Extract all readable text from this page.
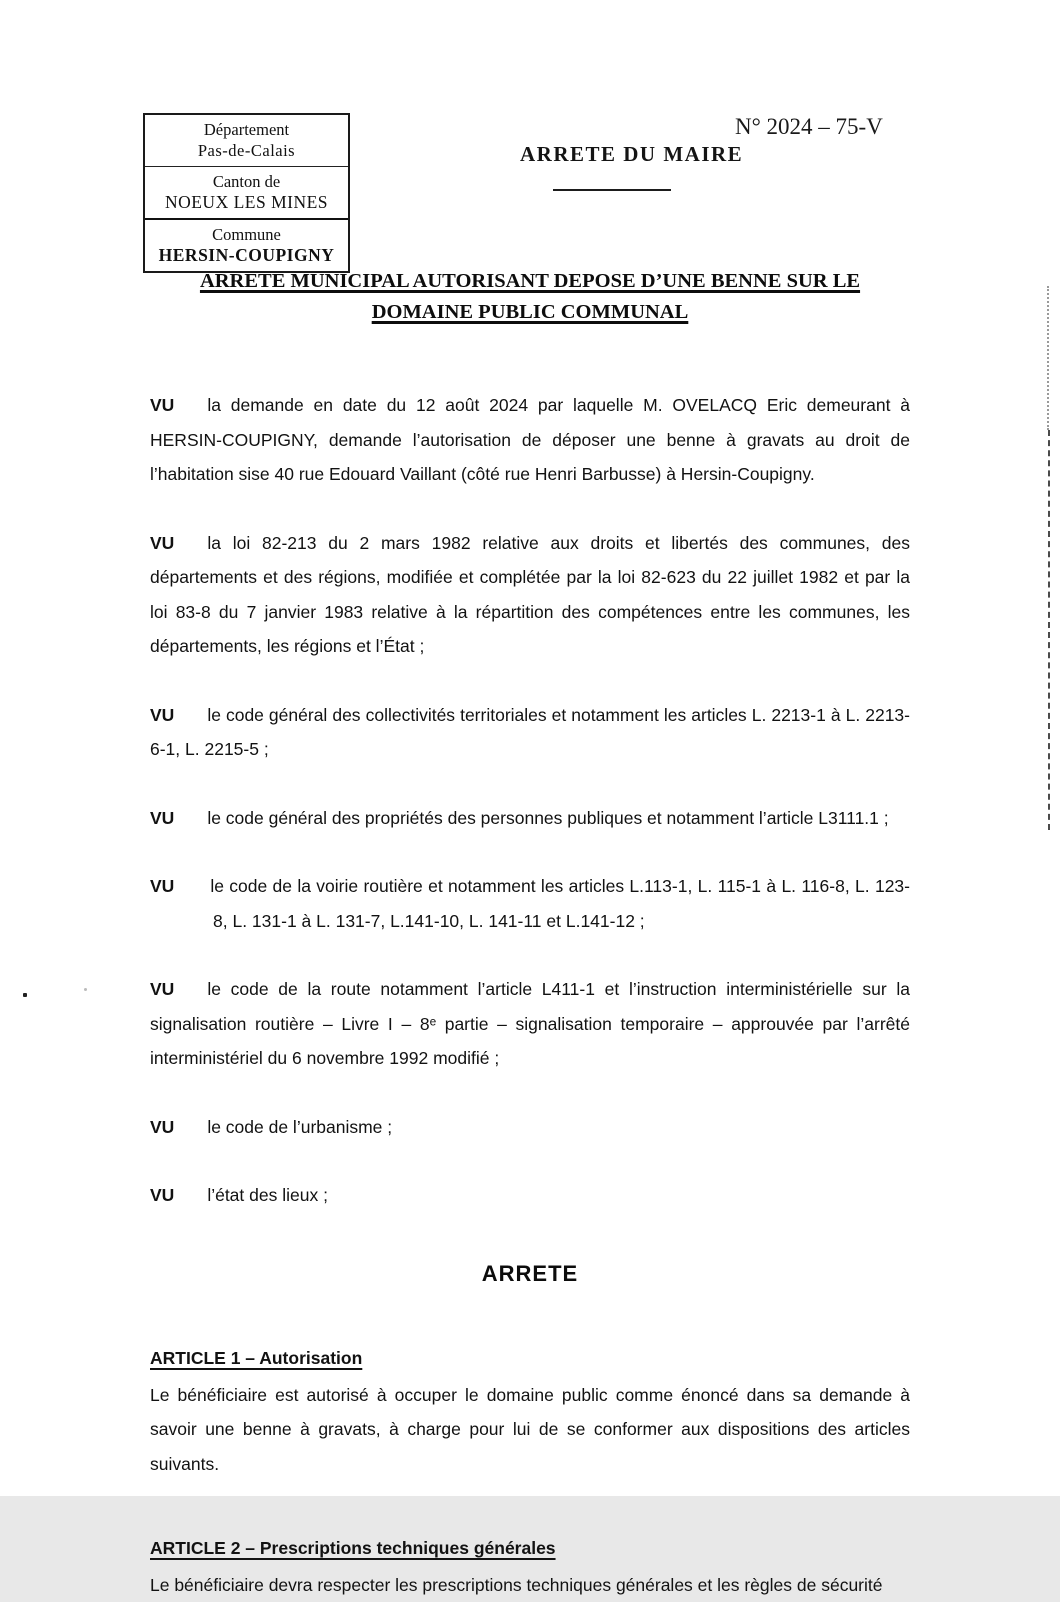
Département
Pas-de-Calais
Canton de
NOEUX LES MINES
Commune
HERSIN-COUPIGNY
N° 2024 – 75-V
ARRETE DU MAIRE
ARRETE MUNICIPAL AUTORISANT DEPOSE D’UNE BENNE SUR LE
DOMAINE PUBLIC COMMUNAL

VU la demande en date du 12 août 2024 par laquelle M. OVELACQ Eric demeurant à HERSIN-COUPIGNY, demande l’autorisation de déposer une benne à gravats au droit de l’habitation sise 40 rue Edouard Vaillant (côté rue Henri Barbusse) à Hersin-Coupigny.

VU la loi 82-213 du 2 mars 1982 relative aux droits et libertés des communes, des départements et des régions, modifiée et complétée par la loi 82-623 du 22 juillet 1982 et par la loi 83-8 du 7 janvier 1983 relative à la répartition des compétences entre les communes, les départements, les régions et l’État ;

VU le code général des collectivités territoriales et notamment les articles L. 2213-1 à L. 2213-6-1, L. 2215-5 ;

VU le code général des propriétés des personnes publiques et notamment l’article L3111.1 ;

VU le code de la voirie routière et notamment les articles L.113-1, L. 115-1 à L. 116-8, L. 123-8, L. 131-1 à L. 131-7, L.141-10, L. 141-11 et L.141-12 ;

VU le code de la route notamment l’article L411-1 et l’instruction interministérielle sur la signalisation routière – Livre I – 8ᵉ partie – signalisation temporaire – approuvée par l’arrêté interministériel du 6 novembre 1992 modifié ;

VU le code de l’urbanisme ;

VU l’état des lieux ;

ARRETE

ARTICLE 1 – Autorisation

Le bénéficiaire est autorisé à occuper le domaine public comme énoncé dans sa demande à savoir une benne à gravats, à charge pour lui de se conformer aux dispositions des articles suivants.

ARTICLE 2 – Prescriptions techniques générales

Le bénéficiaire devra respecter les prescriptions techniques générales et les règles de sécurité
